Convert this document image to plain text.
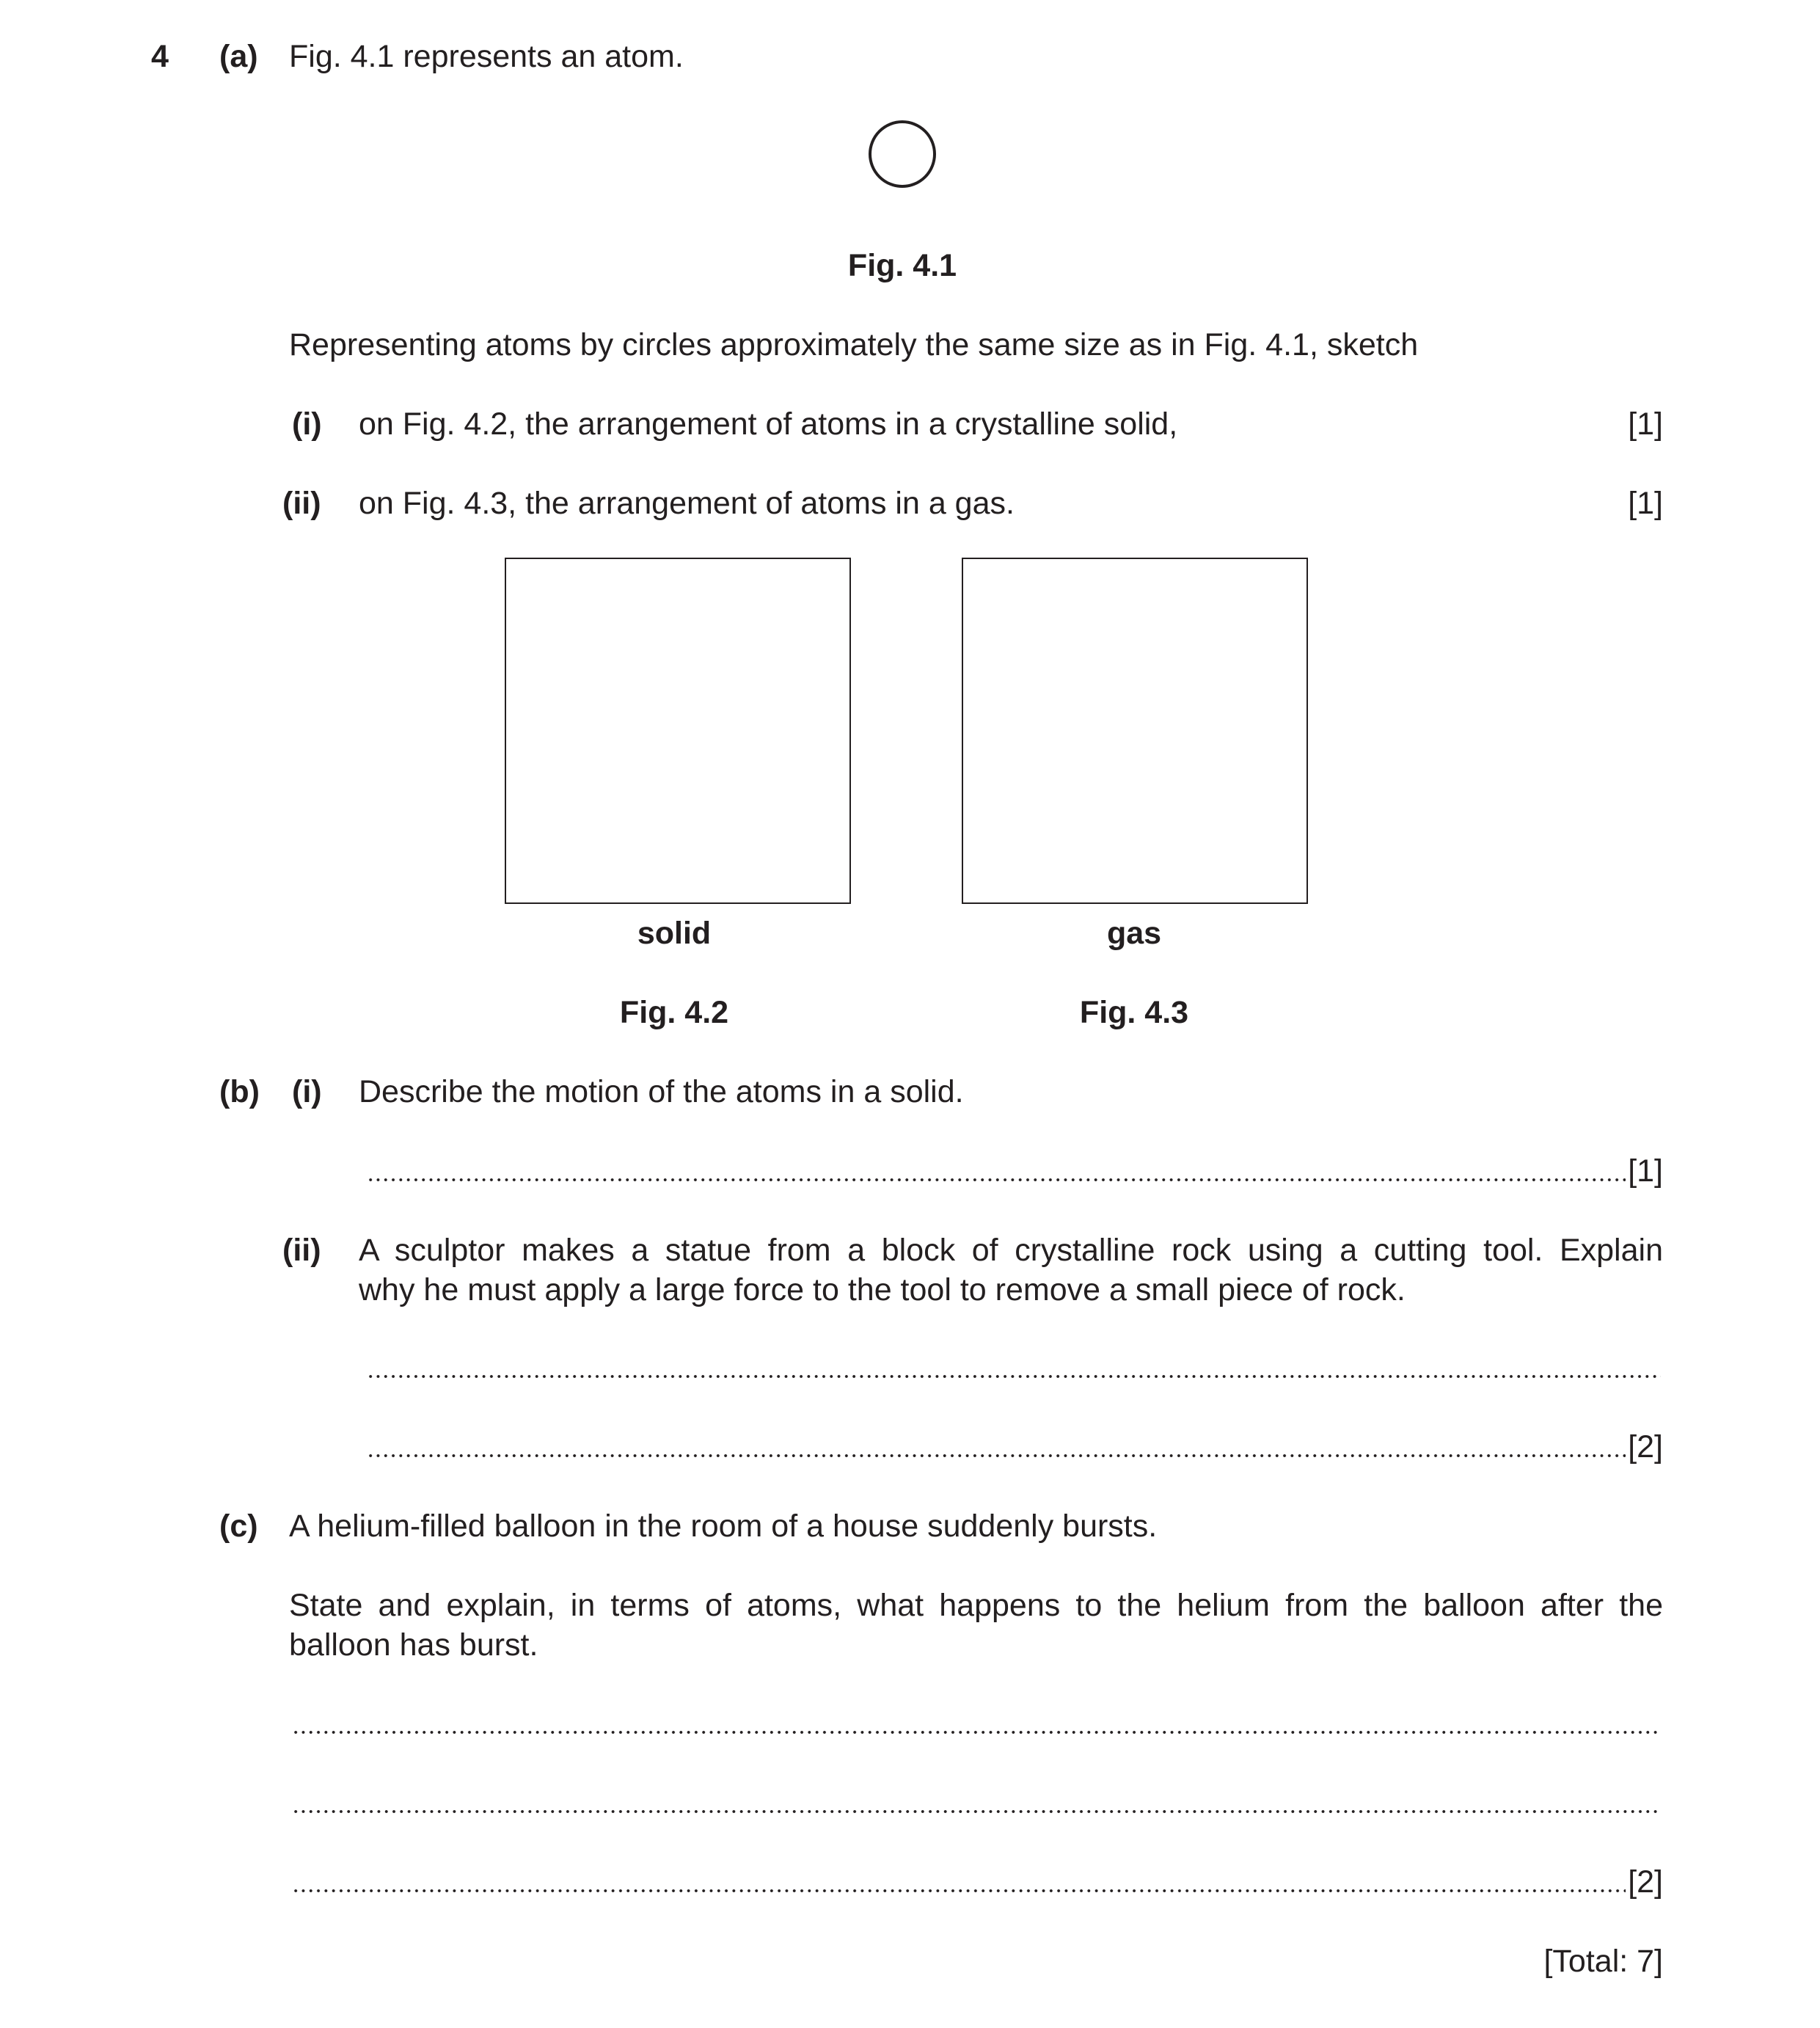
4 (a) Fig. 4.1 represents an atom.
Fig. 4.1
Representing atoms by circles approximately the same size as in Fig. 4.1, sketch
(i) on Fig. 4.2, the arrangement of atoms in a crystalline solid,	[1]
(ii) on Fig. 4.3, the arrangement of atoms in a gas.	[1]
solid	gas
Fig. 4.2	Fig. 4.3
(b) (i) Describe the motion of the atoms in a solid.
[1]
(ii) A sculptor makes a statue from a block of crystalline rock using a cutting tool. Explain
why he must apply a large force to the tool to remove a small piece of rock.
[2]
(c) A helium-filled balloon in the room of a house suddenly bursts.
State and explain, in terms of atoms, what happens to the helium from the balloon after the
balloon has burst.
[2]
[Total: 7]
